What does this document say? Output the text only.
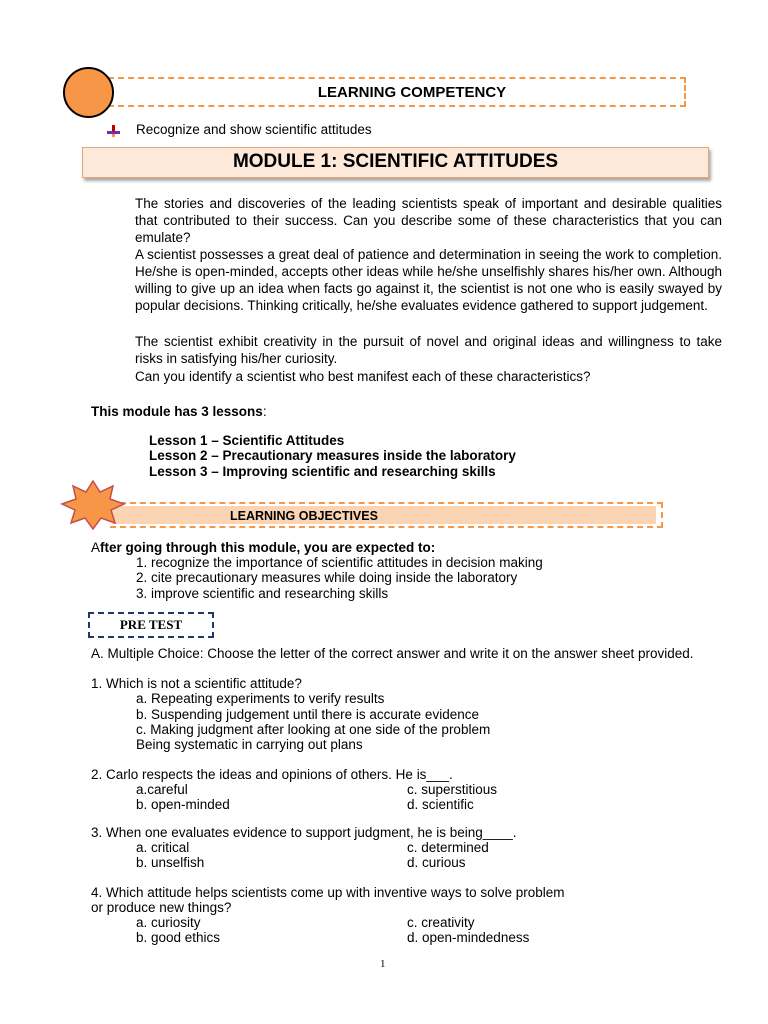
LEARNING COMPETENCY
Recognize and show scientific attitudes
MODULE 1: SCIENTIFIC ATTITUDES
The stories and discoveries of the leading scientists speak of important and desirable qualities that contributed to their success. Can you describe some of these characteristics that you can emulate?
A scientist possesses a great deal of patience and determination in seeing the work to completion. He/she is open-minded, accepts other ideas while he/she unselfishly shares his/her own. Although willing to give up an idea when facts go against it, the scientist is not one who is easily swayed by popular decisions. Thinking critically, he/she evaluates evidence gathered to support judgement.
The scientist exhibit creativity in the pursuit of novel and original ideas and willingness to take risks in satisfying his/her curiosity.
Can you identify a scientist who best manifest each of these characteristics?
This module has 3 lessons:
Lesson 1 – Scientific Attitudes
Lesson 2 – Precautionary measures inside the laboratory
Lesson 3 – Improving scientific and researching skills
LEARNING OBJECTIVES
After going through this module, you are expected to:
1. recognize the importance of scientific attitudes in decision making
2. cite precautionary measures while doing inside the laboratory
3. improve scientific and researching skills
PRE TEST
A. Multiple Choice: Choose the letter of the correct answer and write it on the answer sheet provided.
1. Which is not a scientific attitude?
a. Repeating experiments to verify results
b. Suspending judgement until there is accurate evidence
c. Making judgment after looking at one side of the problem
Being systematic in carrying out plans
2. Carlo respects the ideas and opinions of others. He is___.
a.careful	c. superstitious
b. open-minded	d. scientific
3. When one evaluates evidence to support judgment, he is being____.
a. critical	c. determined
b. unselfish	d. curious
4. Which attitude helps scientists come up with inventive ways to solve problem
or produce new things?
a. curiosity	c. creativity
b. good ethics	d. open-mindedness
1
